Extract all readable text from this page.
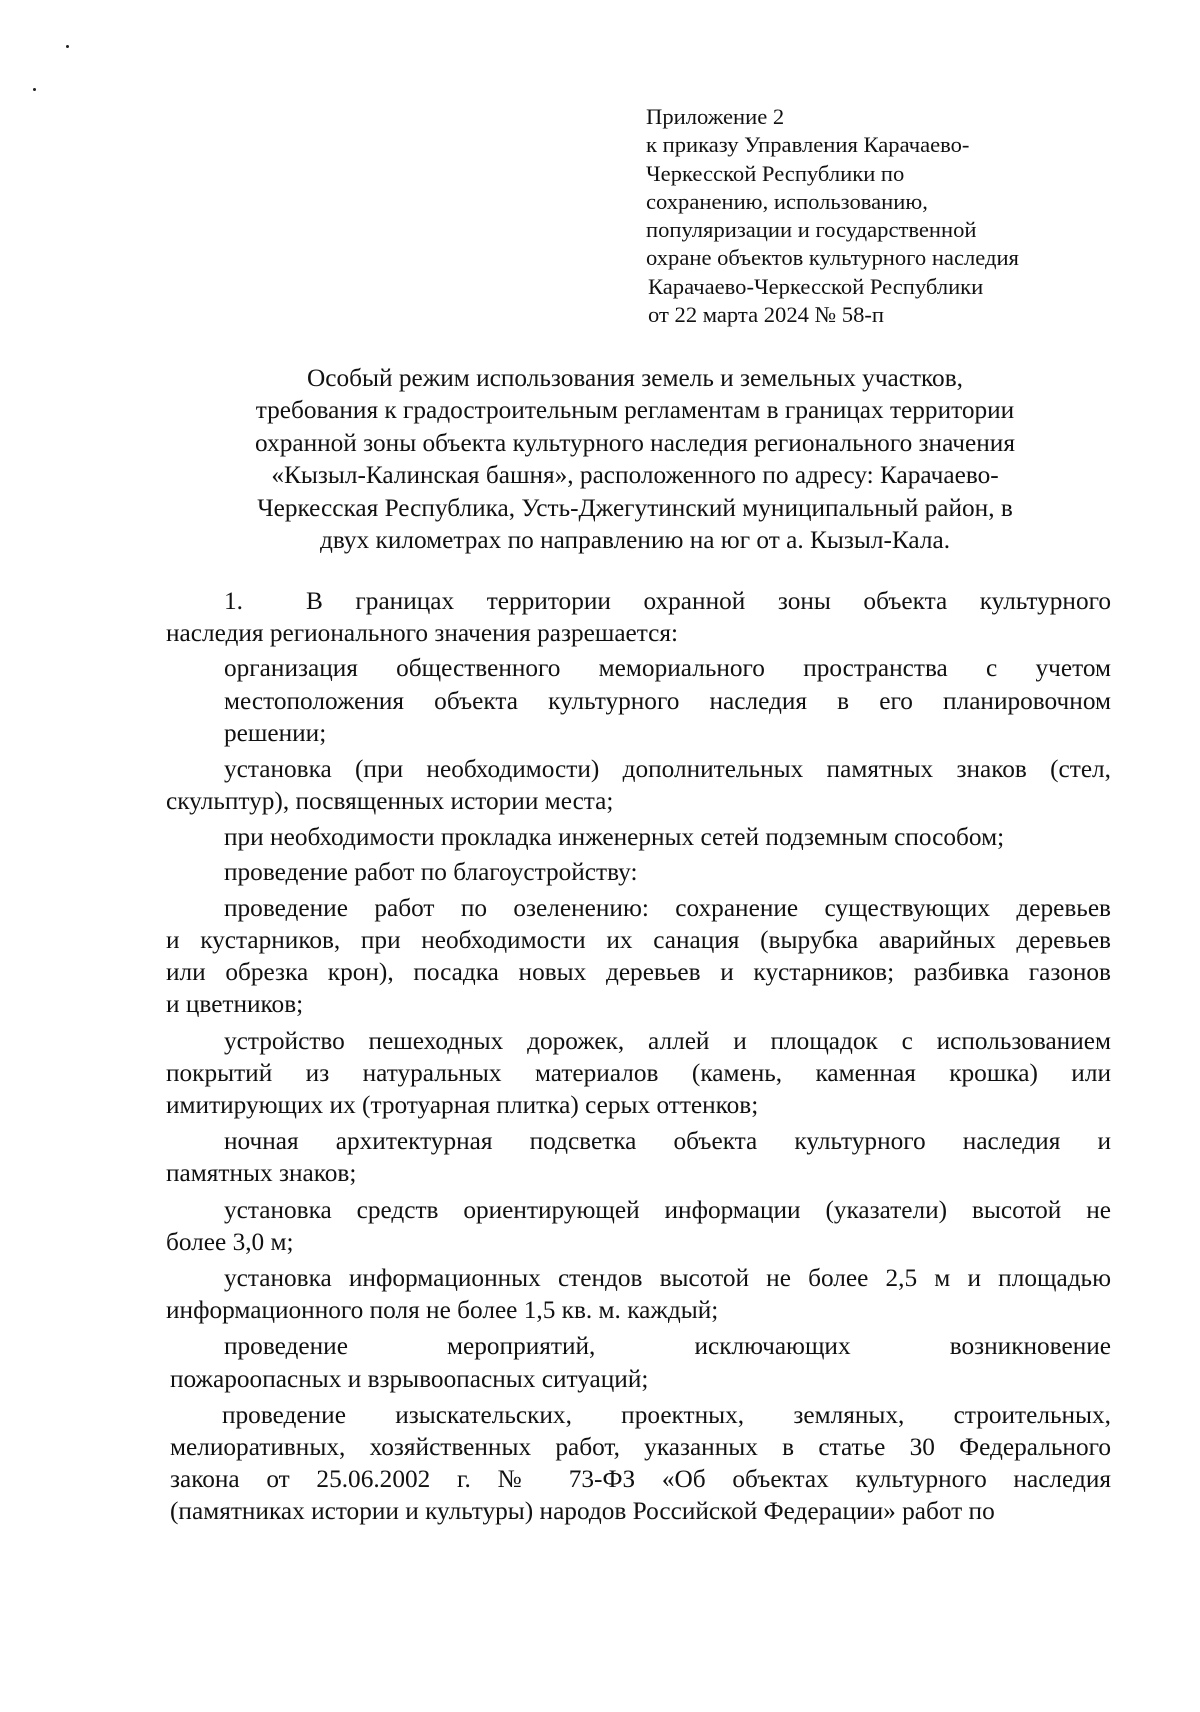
Приложение 2
к приказу Управления Карачаево-
Черкесской Республики по
сохранению, использованию,
популяризации и государственной
охране объектов культурного наследия
Карачаево-Черкесской Республики
от 22 марта 2024 № 58-п
Особый режим использования земель и земельных участков,
требования к градостроительным регламентам в границах территории
охранной зоны объекта культурного наследия регионального значения
«Кызыл-Калинская башня», расположенного по адресу: Карачаево-
Черкесская Республика, Усть-Джегутинский муниципальный район, в
двух километрах по направлению на юг от а. Кызыл-Кала.
1. В границах территории охранной зоны объекта культурного
наследия регионального значения разрешается:
организация общественного мемориального пространства с учетом
местоположения объекта культурного наследия в его планировочном
решении;
установка (при необходимости) дополнительных памятных знаков (стел,
скульптур), посвященных истории места;
при необходимости прокладка инженерных сетей подземным способом;
проведение работ по благоустройству:
проведение работ по озеленению: сохранение существующих деревьев
и кустарников, при необходимости их санация (вырубка аварийных деревьев
или обрезка крон), посадка новых деревьев и кустарников; разбивка газонов
и цветников;
устройство пешеходных дорожек, аллей и площадок с использованием
покрытий из натуральных материалов (камень, каменная крошка) или
имитирующих их (тротуарная плитка) серых оттенков;
ночная архитектурная подсветка объекта культурного наследия и
памятных знаков;
установка средств ориентирующей информации (указатели) высотой не
более 3,0 м;
установка информационных стендов высотой не более 2,5 м и площадью
информационного поля не более 1,5 кв. м. каждый;
проведение мероприятий, исключающих возникновение
пожароопасных и взрывоопасных ситуаций;
проведение изыскательских, проектных, земляных, строительных,
мелиоративных, хозяйственных работ, указанных в статье 30 Федерального
закона от 25.06.2002 г. № 73-ФЗ «Об объектах культурного наследия
(памятниках истории и культуры) народов Российской Федерации» работ по
